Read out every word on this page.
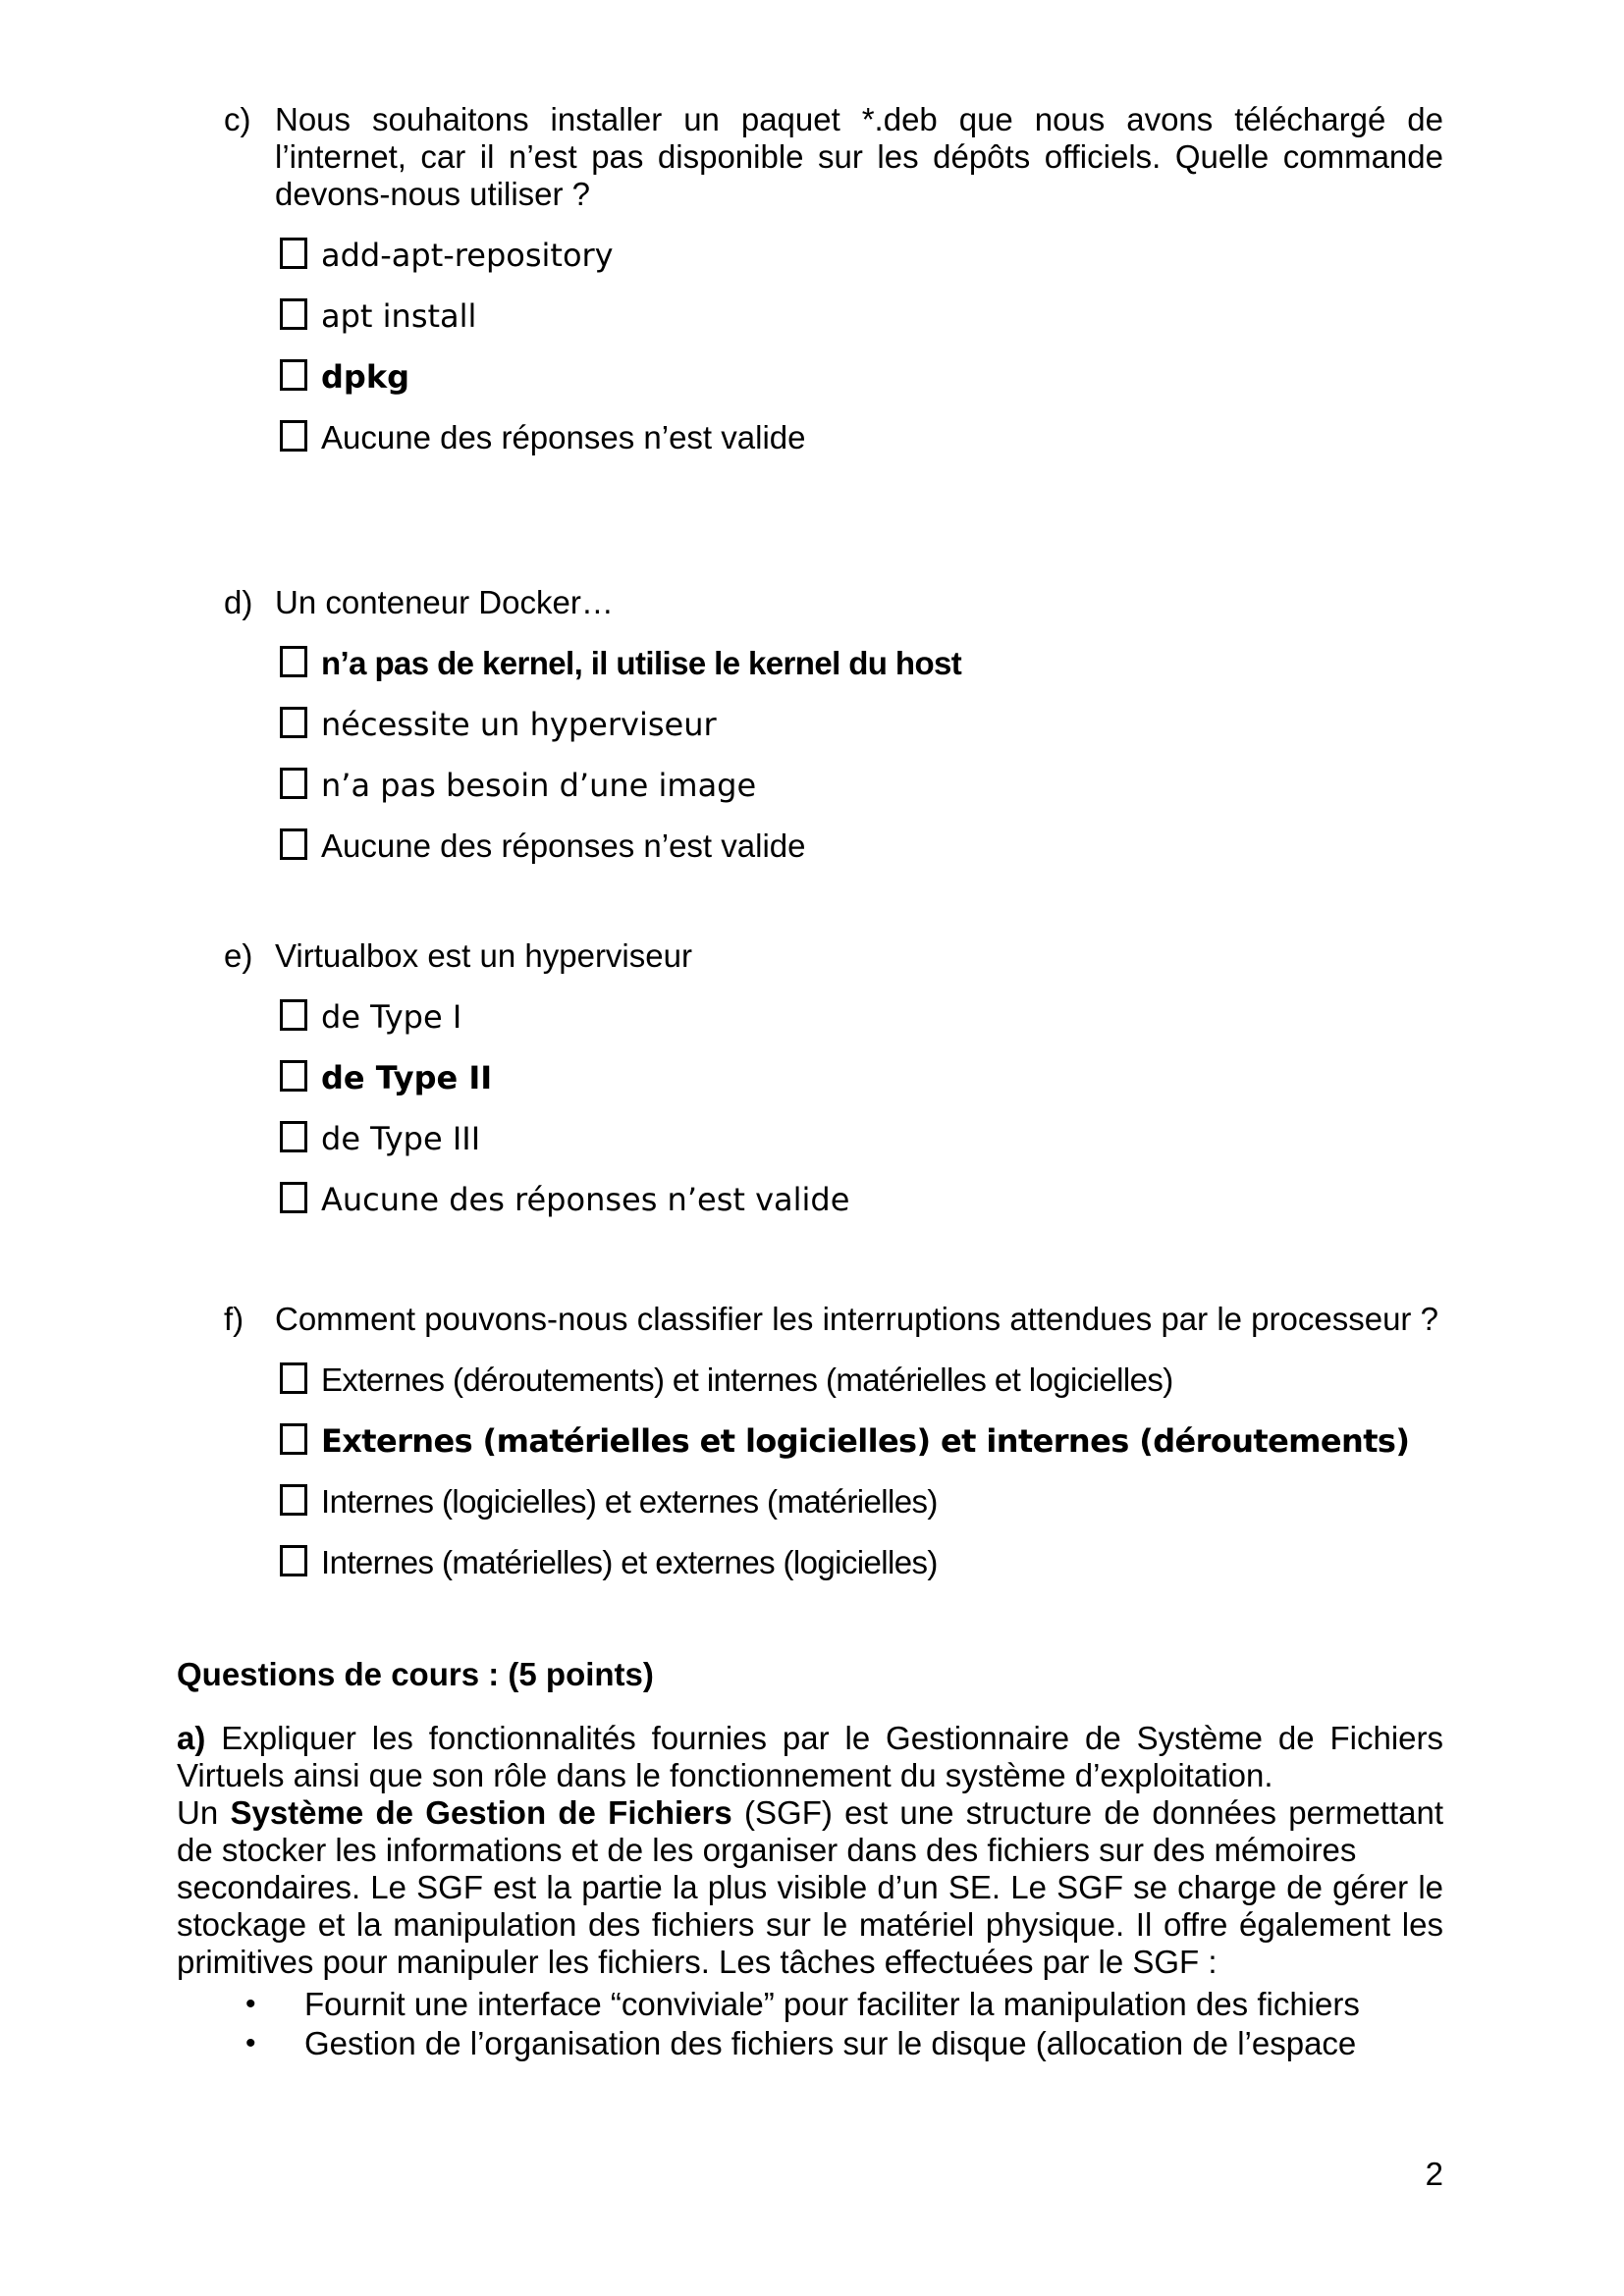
c) Nous souhaitons installer un paquet *.deb que nous avons téléchargé de l’internet, car il n’est pas disponible sur les dépôts officiels. Quelle commande devons-nous utiliser ?
add-apt-repository
apt install
dpkg
Aucune des réponses n’est valide
d) Un conteneur Docker…
n’a pas de kernel, il utilise le kernel du host
nécessite un hyperviseur
n’a pas besoin d’une image
Aucune des réponses n’est valide
e) Virtualbox est un hyperviseur
de Type I
de Type II
de Type III
Aucune des réponses n’est valide
f) Comment pouvons-nous classifier les interruptions attendues par le processeur ?
Externes (déroutements) et internes (matérielles et logicielles)
Externes (matérielles et logicielles) et internes (déroutements)
Internes (logicielles) et externes (matérielles)
Internes (matérielles) et externes (logicielles)
Questions de cours : (5 points)
a) Expliquer les fonctionnalités fournies par le Gestionnaire de Système de Fichiers Virtuels ainsi que son rôle dans le fonctionnement du système d’exploitation.
Un Système de Gestion de Fichiers (SGF) est une structure de données permettant de stocker les informations et de les organiser dans des fichiers sur des mémoires
secondaires. Le SGF est la partie la plus visible d’un SE. Le SGF se charge de gérer le stockage et la manipulation des fichiers sur le matériel physique. Il offre également les primitives pour manipuler les fichiers. Les tâches effectuées par le SGF :
• Fournit une interface “conviviale” pour faciliter la manipulation des fichiers
• Gestion de l’organisation des fichiers sur le disque (allocation de l’espace
2
